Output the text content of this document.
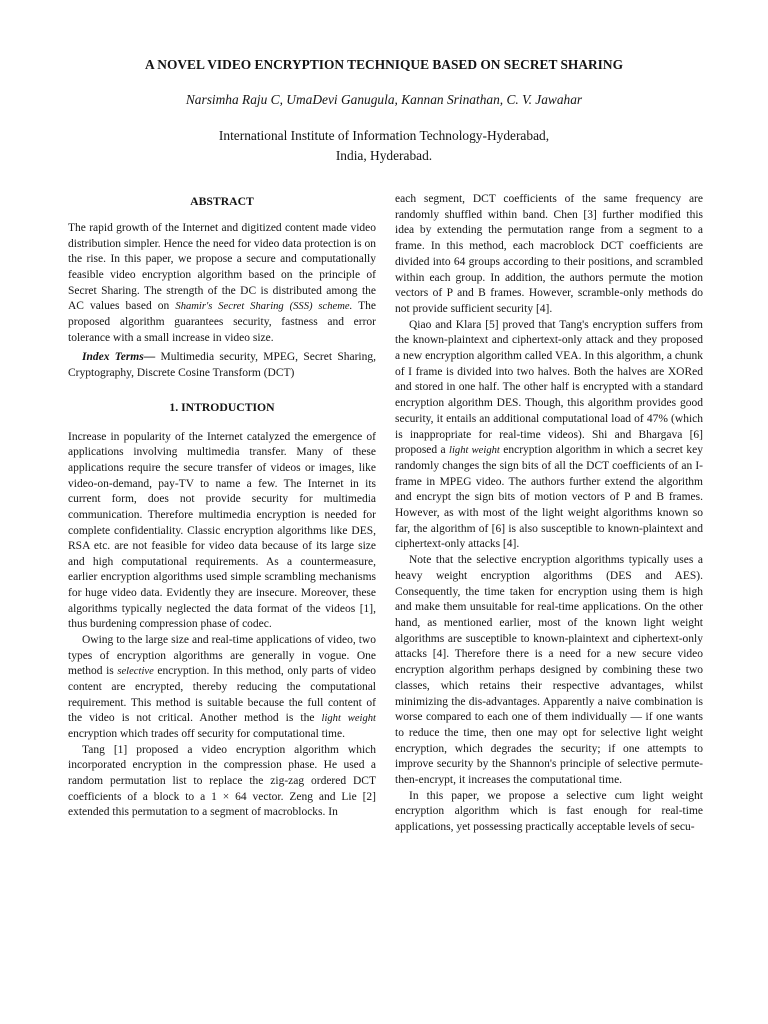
A NOVEL VIDEO ENCRYPTION TECHNIQUE BASED ON SECRET SHARING
Narsimha Raju C, UmaDevi Ganugula, Kannan Srinathan, C. V. Jawahar
International Institute of Information Technology-Hyderabad,
India, Hyderabad.
ABSTRACT

The rapid growth of the Internet and digitized content made video distribution simpler. Hence the need for video data protection is on the rise. In this paper, we propose a secure and computationally feasible video encryption algorithm based on the principle of Secret Sharing. The strength of the DC is distributed among the AC values based on Shamir's Secret Sharing (SSS) scheme. The proposed algorithm guarantees security, fastness and error tolerance with a small increase in video size.

Index Terms— Multimedia security, MPEG, Secret Sharing, Cryptography, Discrete Cosine Transform (DCT)

1. INTRODUCTION

Increase in popularity of the Internet catalyzed the emergence of applications involving multimedia transfer. Many of these applications require the secure transfer of videos or images, like video-on-demand, pay-TV to name a few. The Internet in its current form, does not provide security for multimedia communication. Therefore multimedia encryption is needed for complete confidentiality. Classic encryption algorithms like DES, RSA etc. are not feasible for video data because of its large size and high computational requirements. As a countermeasure, earlier encryption algorithms used simple scrambling mechanisms for huge video data. Evidently they are insecure. Moreover, these algorithms typically neglected the data format of the videos [1], thus burdening compression phase of codec.

Owing to the large size and real-time applications of video, two types of encryption algorithms are generally in vogue. One method is selective encryption. In this method, only parts of video content are encrypted, thereby reducing the computational requirement. This method is suitable because the full content of the video is not critical. Another method is the light weight encryption which trades off security for computational time.

Tang [1] proposed a video encryption algorithm which incorporated encryption in the compression phase. He used a random permutation list to replace the zig-zag ordered DCT coefficients of a block to a 1 × 64 vector. Zeng and Lie [2] extended this permutation to a segment of macroblocks. In

each segment, DCT coefficients of the same frequency are randomly shuffled within band. Chen [3] further modified this idea by extending the permutation range from a segment to a frame. In this method, each macroblock DCT coefficients are divided into 64 groups according to their positions, and scrambled within each group. In addition, the authors permute the motion vectors of P and B frames. However, scramble-only methods do not provide sufficient security [4].

Qiao and Klara [5] proved that Tang's encryption suffers from the known-plaintext and ciphertext-only attack and they proposed a new encryption algorithm called VEA. In this algorithm, a chunk of I frame is divided into two halves. Both the halves are XORed and stored in one half. The other half is encrypted with a standard encryption algorithm DES. Though, this algorithm provides good security, it entails an additional computational load of 47% (which is inappropriate for real-time videos). Shi and Bhargava [6] proposed a light weight encryption algorithm in which a secret key randomly changes the sign bits of all the DCT coefficients of an I-frame in MPEG video. The authors further extend the algorithm and encrypt the sign bits of motion vectors of P and B frames. However, as with most of the light weight algorithms known so far, the algorithm of [6] is also susceptible to known-plaintext and ciphertext-only attacks [4].

Note that the selective encryption algorithms typically uses a heavy weight encryption algorithms (DES and AES). Consequently, the time taken for encryption using them is high and make them unsuitable for real-time applications. On the other hand, as mentioned earlier, most of the known light weight algorithms are susceptible to known-plaintext and ciphertext-only attacks [4]. Therefore there is a need for a new secure video encryption algorithm perhaps designed by combining these two classes, which retains their respective advantages, whilst minimizing the dis-advantages. Apparently a naive combination is worse compared to each one of them individually — if one wants to reduce the time, then one may opt for selective light weight encryption, which degrades the security; if one attempts to improve security by the Shannon's principle of selective permute-then-encrypt, it increases the computational time.

In this paper, we propose a selective cum light weight encryption algorithm which is fast enough for real-time applications, yet possessing practically acceptable levels of secu-
